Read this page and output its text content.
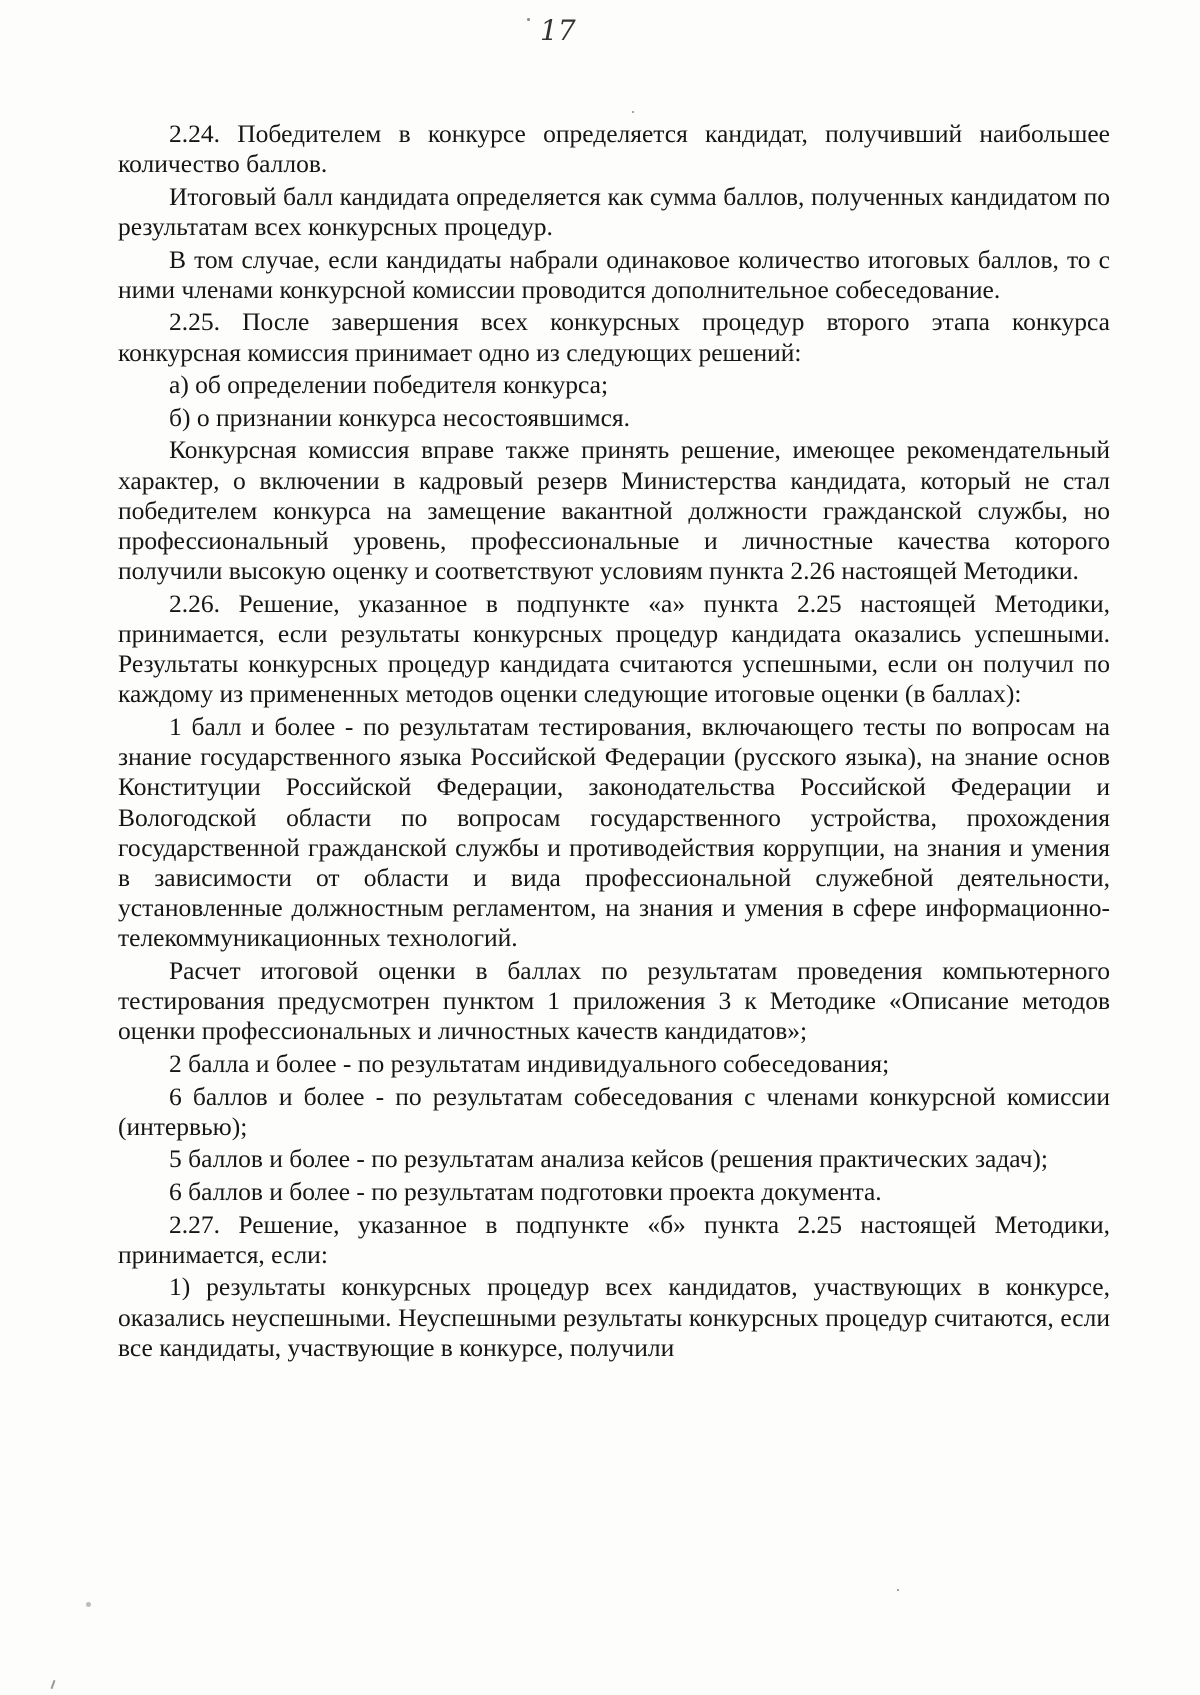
17

2.24. Победителем в конкурсе определяется кандидат, получивший наибольшее количество баллов.

Итоговый балл кандидата определяется как сумма баллов, полученных кандидатом по результатам всех конкурсных процедур.

В том случае, если кандидаты набрали одинаковое количество итоговых баллов, то с ними членами конкурсной комиссии проводится дополнительное собеседование.

2.25. После завершения всех конкурсных процедур второго этапа конкурса конкурсная комиссия принимает одно из следующих решений:

а) об определении победителя конкурса;

б) о признании конкурса несостоявшимся.

Конкурсная комиссия вправе также принять решение, имеющее рекомендательный характер, о включении в кадровый резерв Министерства кандидата, который не стал победителем конкурса на замещение вакантной должности гражданской службы, но профессиональный уровень, профессиональные и личностные качества которого получили высокую оценку и соответствуют условиям пункта 2.26 настоящей Методики.

2.26. Решение, указанное в подпункте «а» пункта 2.25 настоящей Методики, принимается, если результаты конкурсных процедур кандидата оказались успешными. Результаты конкурсных процедур кандидата считаются успешными, если он получил по каждому из примененных методов оценки следующие итоговые оценки (в баллах):

1 балл и более - по результатам тестирования, включающего тесты по вопросам на знание государственного языка Российской Федерации (русского языка), на знание основ Конституции Российской Федерации, законодательства Российской Федерации и Вологодской области по вопросам государственного устройства, прохождения государственной гражданской службы и противодействия коррупции, на знания и умения в зависимости от области и вида профессиональной служебной деятельности, установленные должностным регламентом, на знания и умения в сфере информационно-телекоммуникационных технологий.

Расчет итоговой оценки в баллах по результатам проведения компьютерного тестирования предусмотрен пунктом 1 приложения 3 к Методике «Описание методов оценки профессиональных и личностных качеств кандидатов»;

2 балла и более - по результатам индивидуального собеседования;

6 баллов и более - по результатам собеседования с членами конкурсной комиссии (интервью);

5 баллов и более - по результатам анализа кейсов (решения практических задач);

6 баллов и более - по результатам подготовки проекта документа.

2.27. Решение, указанное в подпункте «б» пункта 2.25 настоящей Методики, принимается, если:

1) результаты конкурсных процедур всех кандидатов, участвующих в конкурсе, оказались неуспешными. Неуспешными результаты конкурсных процедур считаются, если все кандидаты, участвующие в конкурсе, получили
